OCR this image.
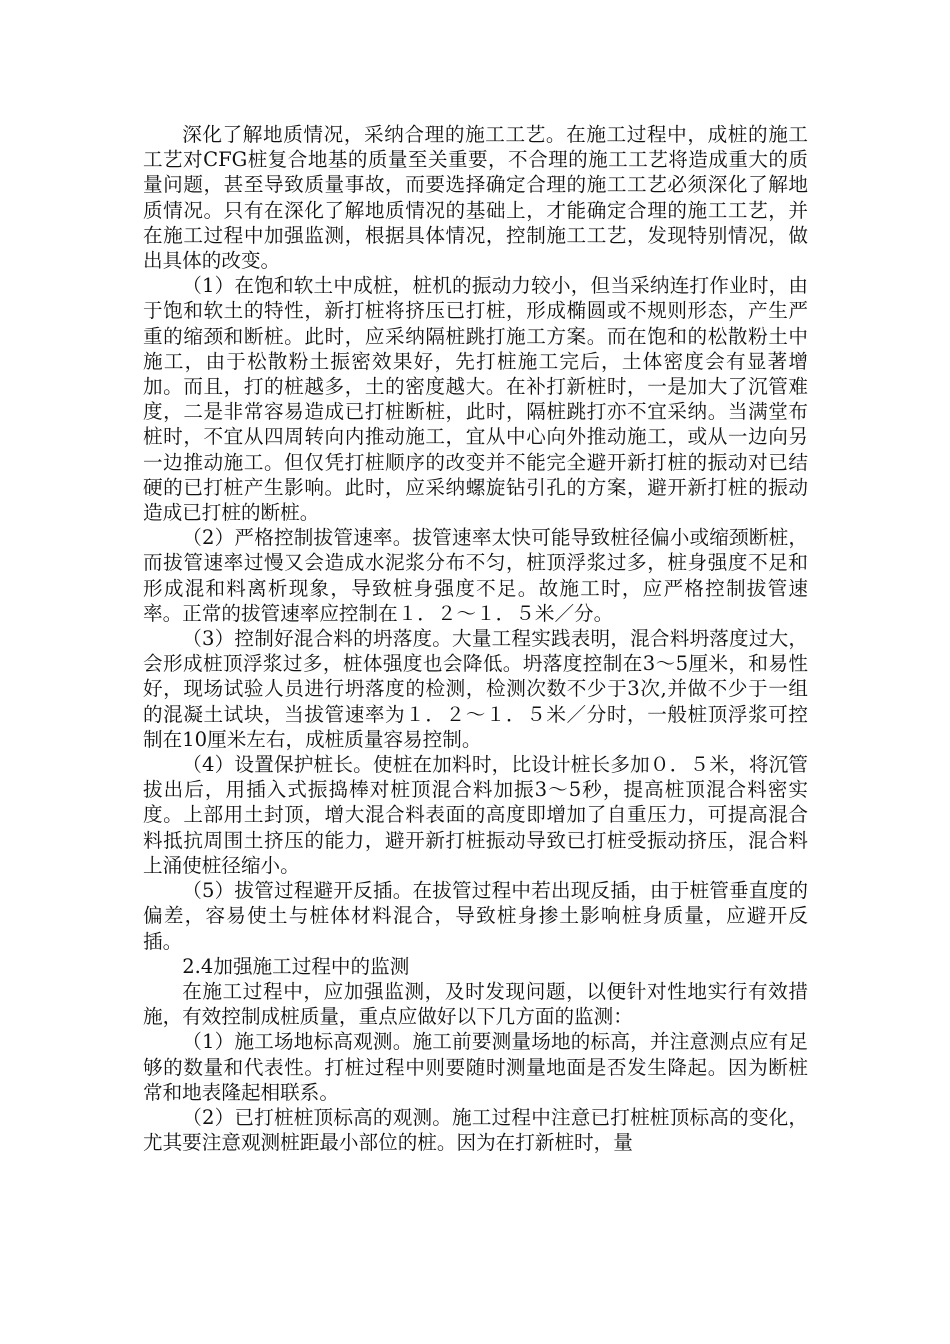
深化了解地质情况，采纳合理的施工工艺。在施工过程中，成桩的施工工艺对CFG桩复合地基的质量至关重要，不合理的施工工艺将造成重大的质量问题，甚至导致质量事故，而要选择确定合理的施工工艺必须深化了解地质情况。只有在深化了解地质情况的基础上，才能确定合理的施工工艺，并在施工过程中加强监测，根据具体情况，控制施工工艺，发现特别情况，做出具体的改变。

（1）在饱和软土中成桩，桩机的振动力较小，但当采纳连打作业时，由于饱和软土的特性，新打桩将挤压已打桩，形成椭圆或不规则形态，产生严重的缩颈和断桩。此时，应采纳隔桩跳打施工方案。而在饱和的松散粉土中施工，由于松散粉土振密效果好，先打桩施工完后，土体密度会有显著增加。而且，打的桩越多，土的密度越大。在补打新桩时，一是加大了沉管难度，二是非常容易造成已打桩断桩，此时，隔桩跳打亦不宜采纳。当满堂布桩时，不宜从四周转向内推动施工，宜从中心向外推动施工，或从一边向另一边推动施工。但仅凭打桩顺序的改变并不能完全避开新打桩的振动对已结硬的已打桩产生影响。此时，应采纳螺旋钻引孔的方案，避开新打桩的振动造成已打桩的断桩。

（2）严格控制拔管速率。拔管速率太快可能导致桩径偏小或缩颈断桩，而拔管速率过慢又会造成水泥浆分布不匀，桩顶浮浆过多，桩身强度不足和形成混和料离析现象，导致桩身强度不足。故施工时，应严格控制拔管速率。正常的拔管速率应控制在１．２～１．５米／分。

（3）控制好混合料的坍落度。大量工程实践表明，混合料坍落度过大，会形成桩顶浮浆过多，桩体强度也会降低。坍落度控制在3～5厘米，和易性好，现场试验人员进行坍落度的检测，检测次数不少于3次,并做不少于一组的混凝土试块，当拔管速率为１．２～１．５米／分时，一般桩顶浮浆可控制在10厘米左右，成桩质量容易控制。

（4）设置保护桩长。使桩在加料时，比设计桩长多加０．５米，将沉管拔出后，用插入式振捣棒对桩顶混合料加振3～5秒，提高桩顶混合料密实度。上部用土封顶，增大混合料表面的高度即增加了自重压力，可提高混合料抵抗周围土挤压的能力，避开新打桩振动导致已打桩受振动挤压，混合料上涌使桩径缩小。

（5）拔管过程避开反插。在拔管过程中若出现反插，由于桩管垂直度的偏差，容易使土与桩体材料混合，导致桩身掺土影响桩身质量，应避开反插。

2.4加强施工过程中的监测

在施工过程中，应加强监测，及时发现问题，以便针对性地实行有效措施，有效控制成桩质量，重点应做好以下几方面的监测：

（1）施工场地标高观测。施工前要测量场地的标高，并注意测点应有足够的数量和代表性。打桩过程中则要随时测量地面是否发生降起。因为断桩常和地表隆起相联系。

（2）已打桩桩顶标高的观测。施工过程中注意已打桩桩顶标高的变化，尤其要注意观测桩距最小部位的桩。因为在打新桩时，量
